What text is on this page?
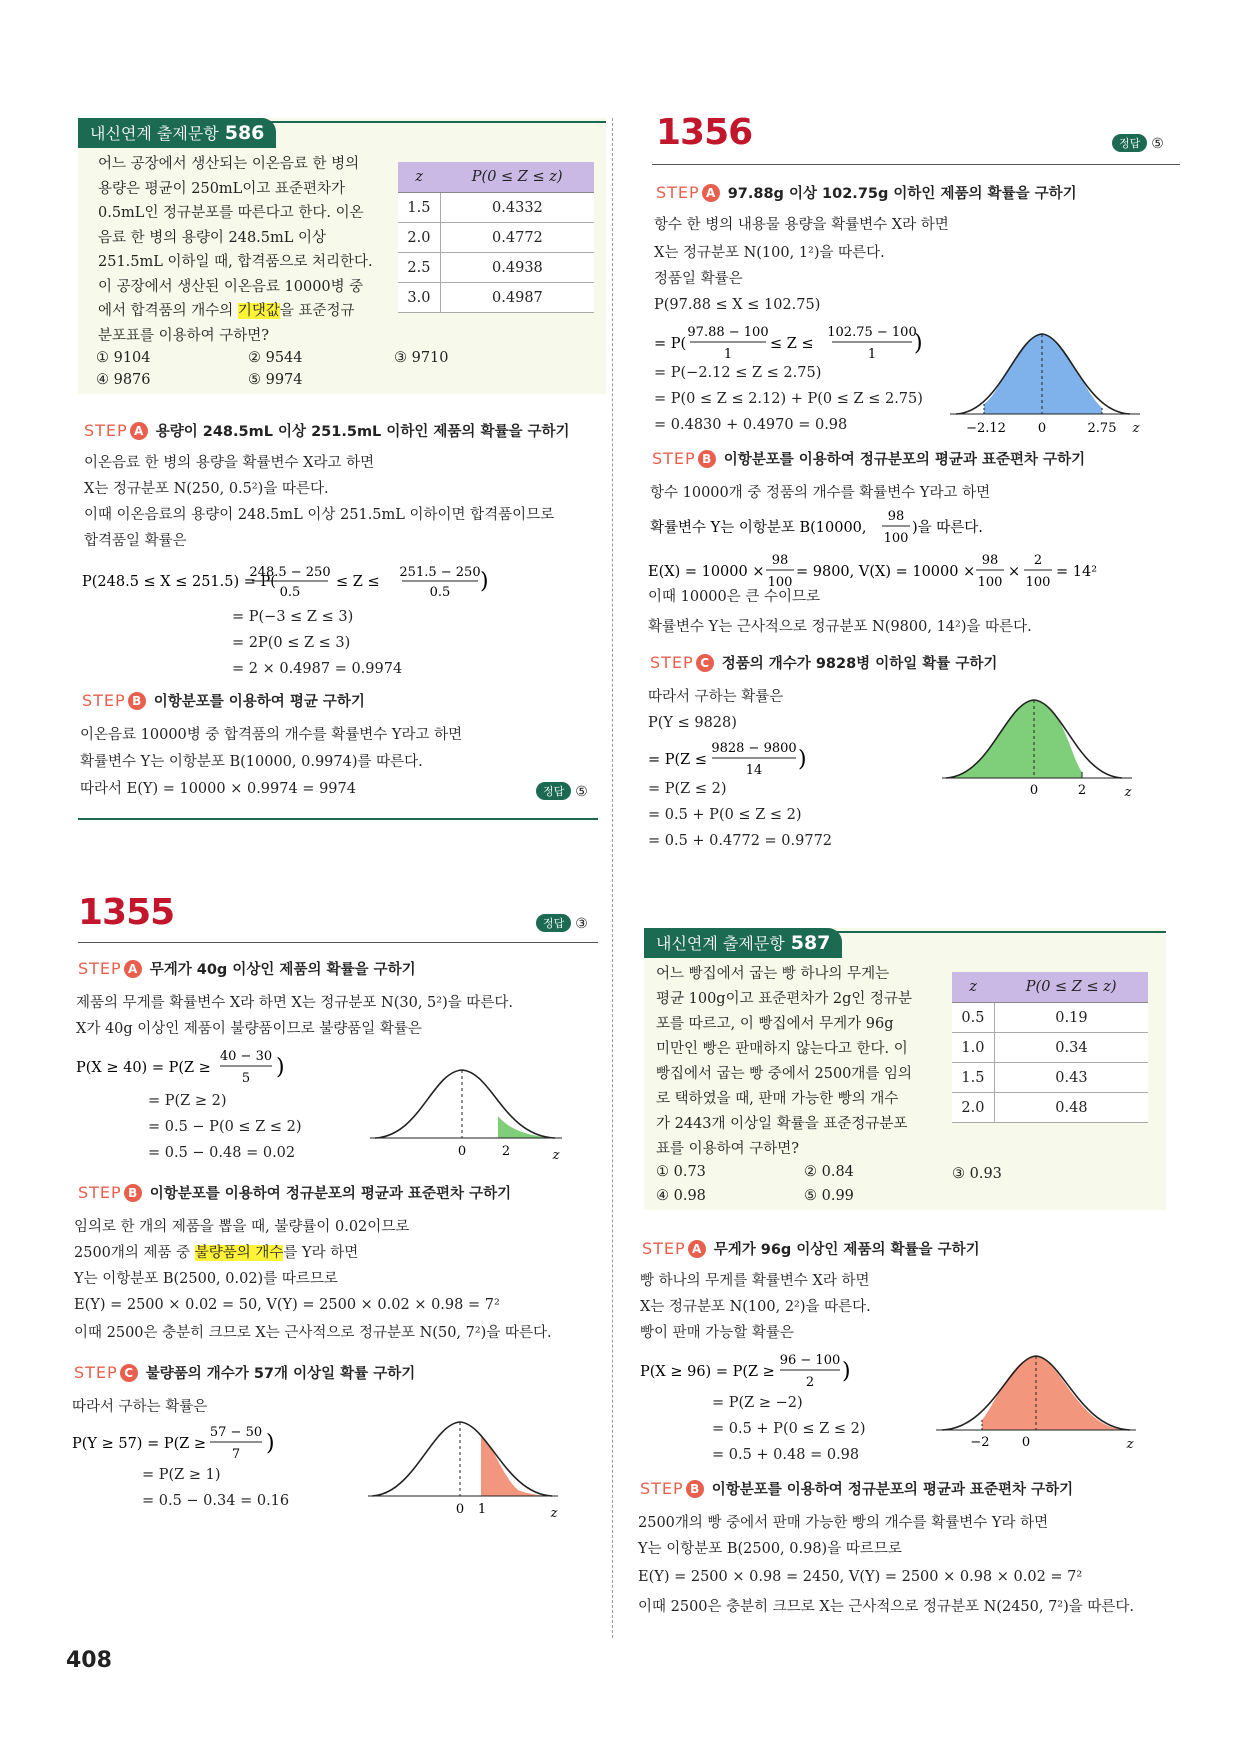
내신연계 출제문항 586
어느 공장에서 생산되는 이온음료 한 병의
용량은 평균이 250mL이고 표준편차가
0.5mL인 정규분포를 따른다고 한다. 이온
음료 한 병의 용량이 248.5mL 이상
251.5mL 이하일 때, 합격품으로 처리한다.
이 공장에서 생산된 이온음료 10000병 중
에서 합격품의 개수의 기댓값을 표준정규
분포표를 이용하여 구하면?
z	P(0 ≤ Z ≤ z)
1.5	0.4332
2.0	0.4772
2.5	0.4938
3.0	0.4987
① 9104	② 9544	③ 9710
④ 9876	⑤ 9974
STEP A 용량이 248.5mL 이상 251.5mL 이하인 제품의 확률을 구하기
이온음료 한 병의 용량을 확률변수 X라고 하면
X는 정규분포 N(250, 0.5²)을 따른다.
이때 이온음료의 용량이 248.5mL 이상 251.5mL 이하이면 합격품이므로
합격품일 확률은
P(248.5 ≤ X ≤ 251.5) = P(
248.5 − 250
0.5
≤ Z ≤
251.5 − 250
0.5 )
= P(−3 ≤ Z ≤ 3)
= 2P(0 ≤ Z ≤ 3)
= 2 × 0.4987 = 0.9974
STEP B 이항분포를 이용하여 평균 구하기
이온음료 10000병 중 합격품의 개수를 확률변수 Y라고 하면
확률변수 Y는 이항분포 B(10000, 0.9974)를 따른다.
따라서 E(Y) = 10000 × 0.9974 = 9974	정답 ⑤
1355	정답 ③
STEP A 무게가 40g 이상인 제품의 확률을 구하기
제품의 무게를 확률변수 X라 하면 X는 정규분포 N(30, 5²)을 따른다.
X가 40g 이상인 제품이 불량품이므로 불량품일 확률은
P(X ≥ 40) = P(Z ≥
40 − 30
5 )
= P(Z ≥ 2)
= 0.5 − P(0 ≤ Z ≤ 2)
= 0.5 − 0.48 = 0.02	0	2	z
STEP B 이항분포를 이용하여 정규분포의 평균과 표준편차 구하기
임의로 한 개의 제품을 뽑을 때, 불량률이 0.02이므로
2500개의 제품 중 불량품의 개수를 Y라 하면
Y는 이항분포 B(2500, 0.02)를 따르므로
E(Y) = 2500 × 0.02 = 50, V(Y) = 2500 × 0.02 × 0.98 = 7²
이때 2500은 충분히 크므로 X는 근사적으로 정규분포 N(50, 7²)을 따른다.
STEP C 불량품의 개수가 57개 이상일 확률 구하기
따라서 구하는 확률은
P(Y ≥ 57) = P(Z ≥
57 − 50
7 )
= P(Z ≥ 1)
= 0.5 − 0.34 = 0.16
0 1	z
408
1356	정답 ⑤
STEP A 97.88g 이상 102.75g 이하인 제품의 확률을 구하기
항수 한 병의 내용물 용량을 확률변수 X라 하면
X는 정규분포 N(100, 1²)을 따른다.
정품일 확률은
P(97.88 ≤ X ≤ 102.75)
= P(
97.88 − 100
1
≤ Z ≤
102.75 − 100
1 )
= P(−2.12 ≤ Z ≤ 2.75)
= P(0 ≤ Z ≤ 2.12) + P(0 ≤ Z ≤ 2.75)
= 0.4830 + 0.4970 = 0.98	−2.12 0	2.75 z
STEP B 이항분포를 이용하여 정규분포의 평균과 표준편차 구하기
항수 10000개 중 정품의 개수를 확률변수 Y라고 하면
확률변수 Y는 이항분포 B(10000,
98
100
)을 따른다.
E(X) = 10000 ×
98
100
= 9800, V(X) = 10000 ×
98
100
×
2
100
= 14²
이때 10000은 큰 수이므로
확률변수 Y는 근사적으로 정규분포 N(9800, 14²)을 따른다.
STEP C 정품의 개수가 9828병 이하일 확률 구하기
따라서 구하는 확률은
P(Y ≤ 9828)
= P(Z ≤
9828 − 9800
14 )
= P(Z ≤ 2)
= 0.5 + P(0 ≤ Z ≤ 2)
= 0.5 + 0.4772 = 0.9772
0	2	z
내신연계 출제문항 587
어느 빵집에서 굽는 빵 하나의 무게는
평균 100g이고 표준편차가 2g인 정규분
포를 따르고, 이 빵집에서 무게가 96g
미만인 빵은 판매하지 않는다고 한다. 이
빵집에서 굽는 빵 중에서 2500개를 임의
로 택하였을 때, 판매 가능한 빵의 개수
가 2443개 이상일 확률을 표준정규분포
표를 이용하여 구하면?
z	P(0 ≤ Z ≤ z)
0.5	0.19
1.0	0.34
1.5	0.43
2.0	0.48
① 0.73	② 0.84	③ 0.93
④ 0.98	⑤ 0.99
STEP A 무게가 96g 이상인 제품의 확률을 구하기
빵 하나의 무게를 확률변수 X라 하면
X는 정규분포 N(100, 2²)을 따른다.
빵이 판매 가능할 확률은
P(X ≥ 96) = P(Z ≥
96 − 100
2 )
= P(Z ≥ −2)
= 0.5 + P(0 ≤ Z ≤ 2)
= 0.5 + 0.48 = 0.98
−2 0	z
STEP B 이항분포를 이용하여 정규분포의 평균과 표준편차 구하기
2500개의 빵 중에서 판매 가능한 빵의 개수를 확률변수 Y라 하면
Y는 이항분포 B(2500, 0.98)을 따르므로
E(Y) = 2500 × 0.98 = 2450, V(Y) = 2500 × 0.98 × 0.02 = 7²
이때 2500은 충분히 크므로 X는 근사적으로 정규분포 N(2450, 7²)을 따른다.
